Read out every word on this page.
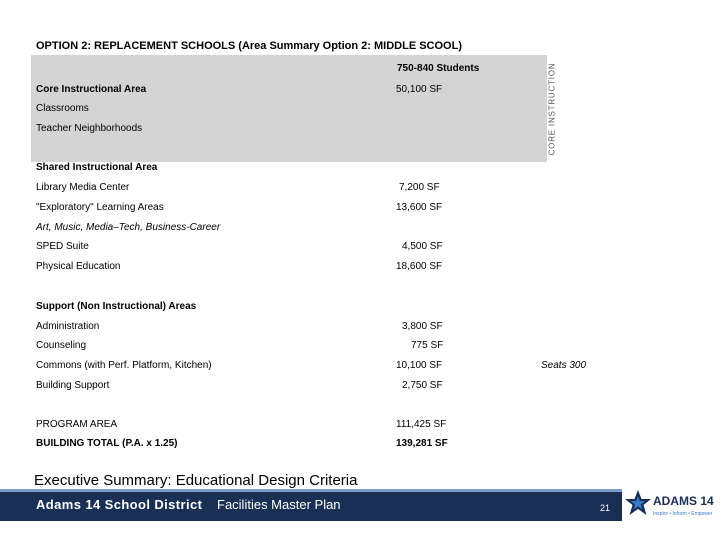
OPTION 2: REPLACEMENT SCHOOLS (Area Summary Option 2: MIDDLE SCOOL)
CORE INSTRUCTION
750-840 Students
Core Instructional Area	50,100 SF
Classrooms
Teacher Neighborhoods
Shared Instructional Area
Library Media Center	7,200 SF
"Exploratory" Learning Areas	13,600 SF
Art, Music, Media–Tech, Business-Career
SPED Suite	4,500 SF
Physical Education	18,600 SF
Support (Non Instructional) Areas
Administration	3,800 SF
Counseling	775 SF
Commons (with Perf. Platform, Kitchen)	10,100 SF	Seats 300
Building Support	2,750 SF
PROGRAM AREA	111,425 SF
BUILDING TOTAL (P.A. x 1.25)	139,281 SF
Executive Summary: Educational Design Criteria
Adams 14 School District Facilities Master Plan	21	ADAMS 14
Inspire • Inform • Empower
